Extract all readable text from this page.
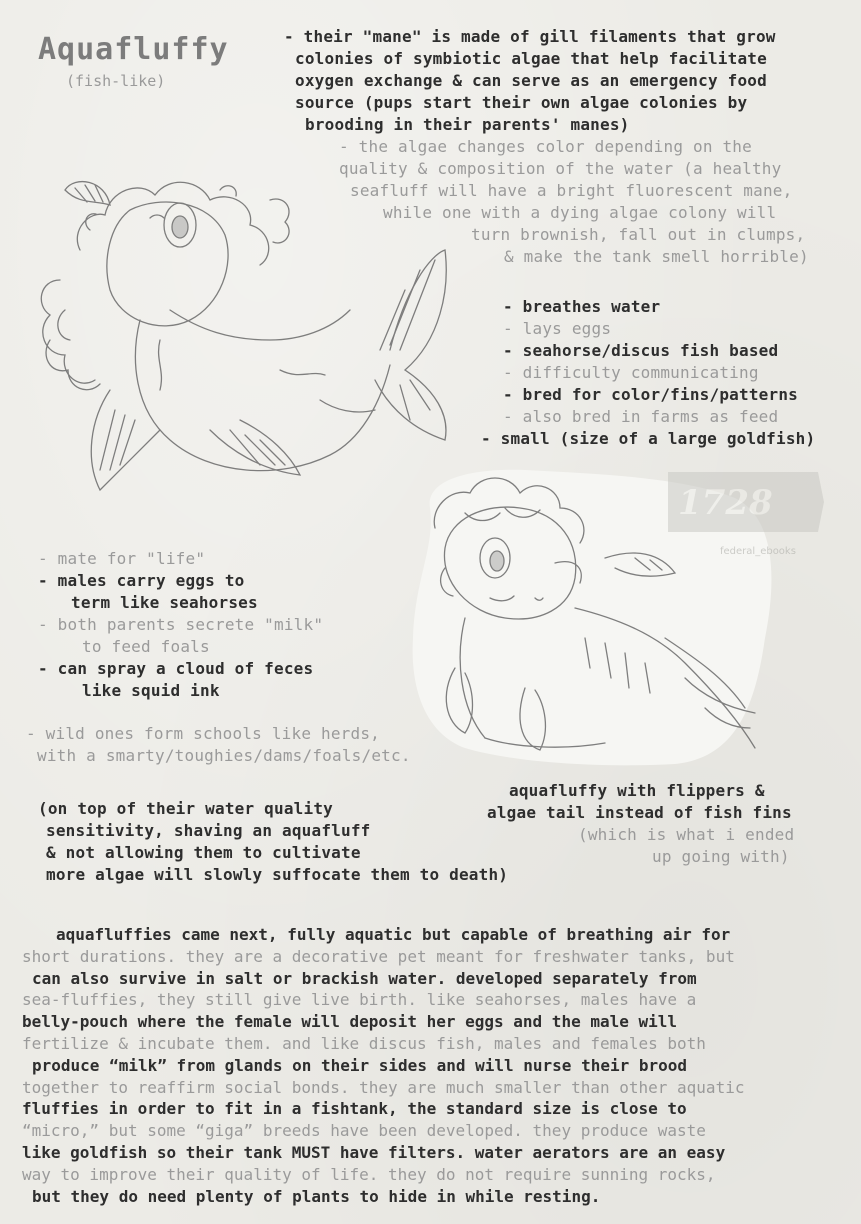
Aquafluffy
(fish-like)
1728
federal_ebooks
- their "mane" is made of gill filaments that grow
colonies of symbiotic algae that help facilitate
oxygen exchange & can serve as an emergency food
source (pups start their own algae colonies by
brooding in their parents' manes)
- the algae changes color depending on the
quality & composition of the water (a healthy
seafluff will have a bright fluorescent mane,
while one with a dying algae colony will
turn brownish, fall out in clumps,
& make the tank smell horrible)
- breathes water
- lays eggs
- seahorse/discus fish based
- difficulty communicating
- bred for color/fins/patterns
- also bred in farms as feed
- small (size of a large goldfish)
- mate for "life"
- males carry eggs to
term like seahorses
- both parents secrete "milk"
to feed foals
- can spray a cloud of feces
like squid ink
- wild ones form schools like herds,
with a smarty/toughies/dams/foals/etc.
aquafluffy with flippers &
algae tail instead of fish fins
(which is what i ended
up going with)
(on top of their water quality
sensitivity, shaving an aquafluff
& not allowing them to cultivate
more algae will slowly suffocate them to death)
aquafluffies came next, fully aquatic but capable of breathing air for
short durations. they are a decorative pet meant for freshwater tanks, but
can also survive in salt or brackish water. developed separately from
sea-fluffies, they still give live birth. like seahorses, males have a
belly-pouch where the female will deposit her eggs and the male will
fertilize & incubate them. and like discus fish, males and females both
produce “milk” from glands on their sides and will nurse their brood
together to reaffirm social bonds. they are much smaller than other aquatic
fluffies in order to fit in a fishtank, the standard size is close to
“micro,” but some “giga” breeds have been developed. they produce waste
like goldfish so their tank MUST have filters. water aerators are an easy
way to improve their quality of life. they do not require sunning rocks,
but they do need plenty of plants to hide in while resting.
